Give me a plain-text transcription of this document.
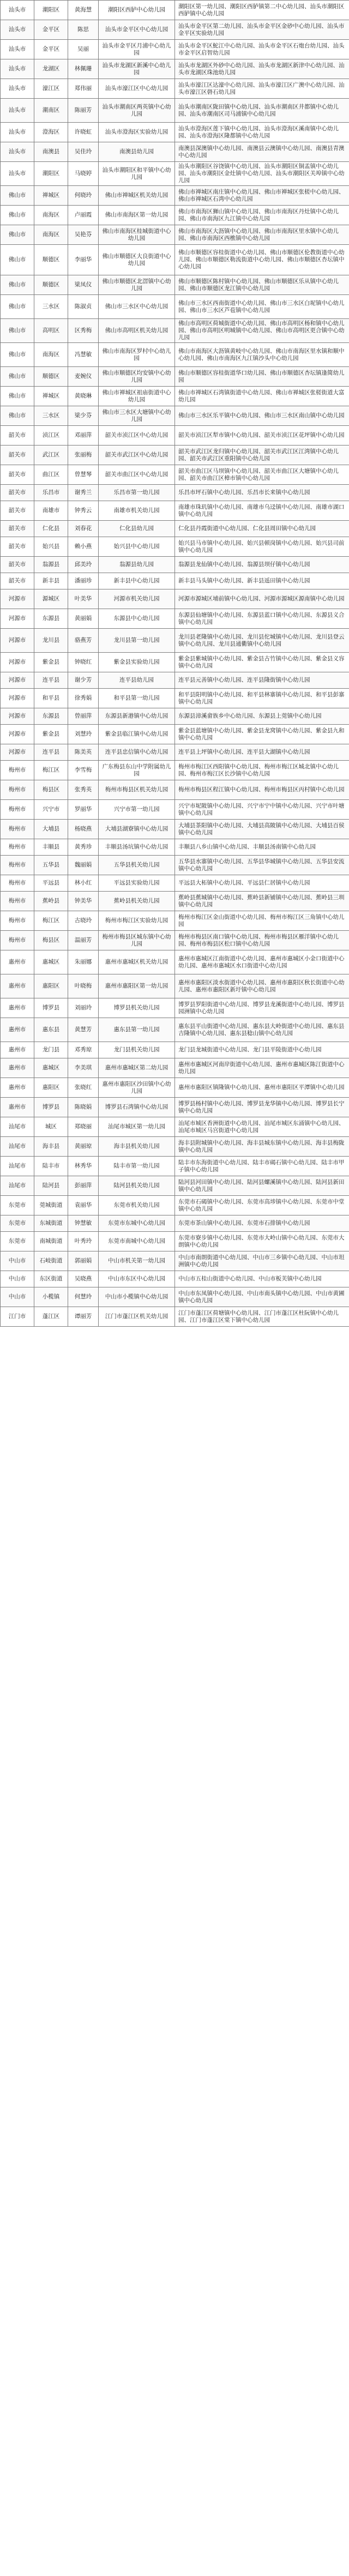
汕头市	潮阳区	黄海慧	潮阳区西胪中心幼儿园	潮阳区第一幼儿园、潮阳区西胪镇第二中心幼儿园、汕头市潮阳区西胪镇中心幼儿园
汕头市	金平区	陈思	汕头市金平区中心幼儿园	汕头市金平区第二幼儿园、汕头市金平区金砂中心幼儿园、汕头市金平区实验幼儿园
汕头市	金平区	吴丽	汕头市金平区月浦中心幼儿园	汕头市金平区鮀江中心幼儿园、汕头市金平区石炮台幼儿园、汕头市金平区启智幼儿园
汕头市	龙湖区	林佩珊	汕头市龙湖区新溪中心幼儿园	汕头市龙湖区外砂中心幼儿园、汕头市龙湖区新津中心幼儿园、汕头市龙湖区珠池幼儿园
汕头市	濠江区	郑伟丽	汕头市濠江区中心幼儿园	汕头市濠江区达濠中心幼儿园、汕头市濠江区广澳中心幼儿园、汕头市濠江区礐石幼儿园
汕头市	潮南区	陈丽芳	汕头市潮南区两英镇中心幼儿园	汕头市潮南区陇田镇中心幼儿园、汕头市潮南区井都镇中心幼儿园、汕头市潮南区司马浦镇中心幼儿园
汕头市	澄海区	许晓虹	汕头市澄海区实验幼儿园	汕头市澄海区莲下镇中心幼儿园、汕头市澄海区溪南镇中心幼儿园、汕头市澄海区隆都镇中心幼儿园
汕头市	南澳县	吴佳玲	南澳县幼儿园	南澳县深澳镇中心幼儿园、南澳县云澳镇中心幼儿园、南澳县青澳中心幼儿园
汕头市	潮阳区	马晓婷	汕头市潮阳区和平镇中心幼儿园	汕头市潮阳区谷饶镇中心幼儿园、汕头市潮阳区铜盂镇中心幼儿园、汕头市潮阳区金灶镇中心幼儿园、汕头市潮阳区关埠镇中心幼儿园
佛山市	禅城区	何晓玲	佛山市禅城区机关幼儿园	佛山市禅城区南庄镇中心幼儿园、佛山市禅城区张槎中心幼儿园、佛山市禅城区石湾中心幼儿园
佛山市	南海区	卢丽霞	佛山市南海区第一幼儿园	佛山市南海区狮山镇中心幼儿园、佛山市南海区丹灶镇中心幼儿园、佛山市南海区九江镇中心幼儿园
佛山市	南海区	吴艳芬	佛山市南海区桂城街道中心幼儿园	佛山市南海区大沥镇中心幼儿园、佛山市南海区里水镇中心幼儿园、佛山市南海区西樵镇中心幼儿园
佛山市	顺德区	李丽华	佛山市顺德区大良街道中心幼儿园	佛山市顺德区容桂街道中心幼儿园、佛山市顺德区伦教街道中心幼儿园、佛山市顺德区勒流街道中心幼儿园、佛山市顺德区杏坛镇中心幼儿园
佛山市	顺德区	梁凤仪	佛山市顺德区北滘镇中心幼儿园	佛山市顺德区陈村镇中心幼儿园、佛山市顺德区乐从镇中心幼儿园、佛山市顺德区龙江镇中心幼儿园
佛山市	三水区	陈淑贞	佛山市三水区中心幼儿园	佛山市三水区西南街道中心幼儿园、佛山市三水区白坭镇中心幼儿园、佛山市三水区芦苞镇中心幼儿园
佛山市	高明区	区秀梅	佛山市高明区机关幼儿园	佛山市高明区荷城街道中心幼儿园、佛山市高明区杨和镇中心幼儿园、佛山市高明区明城镇中心幼儿园、佛山市高明区更合镇中心幼儿园
佛山市	南海区	冯慧敏	佛山市南海区罗村中心幼儿园	佛山市南海区大沥镇黄岐中心幼儿园、佛山市南海区里水镇和顺中心幼儿园、佛山市南海区九江镇沙头中心幼儿园
佛山市	顺德区	麦婉仪	佛山市顺德区均安镇中心幼儿园	佛山市顺德区容桂街道华口幼儿园、佛山市顺德区杏坛镇逢简幼儿园
佛山市	禅城区	黄晓琳	佛山市禅城区祖庙街道中心幼儿园	佛山市禅城区石湾镇街道中心幼儿园、佛山市禅城区张槎街道大富幼儿园
佛山市	三水区	梁少芬	佛山市三水区大塘镇中心幼儿园	佛山市三水区乐平镇中心幼儿园、佛山市三水区南山镇中心幼儿园
韶关市	浈江区	邓丽萍	韶关市浈江区中心幼儿园	韶关市浈江区犁市镇中心幼儿园、韶关市浈江区花坪镇中心幼儿园
韶关市	武江区	张丽梅	韶关市武江区中心幼儿园	韶关市武江区龙归镇中心幼儿园、韶关市武江区江湾镇中心幼儿园、韶关市武江区重阳镇中心幼儿园
韶关市	曲江区	曾慧琴	韶关市曲江区中心幼儿园	韶关市曲江区马坝镇中心幼儿园、韶关市曲江区大塘镇中心幼儿园、韶关市曲江区樟市镇中心幼儿园
韶关市	乐昌市	谢秀兰	乐昌市第一幼儿园	乐昌市坪石镇中心幼儿园、乐昌市长来镇中心幼儿园
韶关市	南雄市	钟秀云	南雄市机关幼儿园	南雄市珠玑镇中心幼儿园、南雄市乌迳镇中心幼儿园、南雄市湖口镇中心幼儿园
韶关市	仁化县	刘春花	仁化县幼儿园	仁化县丹霞街道中心幼儿园、仁化县周田镇中心幼儿园
韶关市	始兴县	赖小燕	始兴县中心幼儿园	始兴县马市镇中心幼儿园、始兴县顿岗镇中心幼儿园、始兴县司前镇中心幼儿园
韶关市	翁源县	邱美玲	翁源县幼儿园	翁源县龙仙镇中心幼儿园、翁源县坝仔镇中心幼儿园
韶关市	新丰县	潘丽珍	新丰县中心幼儿园	新丰县马头镇中心幼儿园、新丰县遥田镇中心幼儿园
河源市	源城区	叶美华	河源市机关幼儿园	河源市源城区埔前镇中心幼儿园、河源市源城区源南镇中心幼儿园
河源市	东源县	黄丽娟	东源县中心幼儿园	东源县仙塘镇中心幼儿园、东源县蓝口镇中心幼儿园、东源县义合镇中心幼儿园
河源市	龙川县	骆燕芳	龙川县第一幼儿园	龙川县老隆镇中心幼儿园、龙川县佗城镇中心幼儿园、龙川县登云镇中心幼儿园、龙川县通衢镇中心幼儿园
河源市	紫金县	钟晓红	紫金县实验幼儿园	紫金县紫城镇中心幼儿园、紫金县古竹镇中心幼儿园、紫金县义容镇中心幼儿园
河源市	连平县	谢少芳	连平县幼儿园	连平县元善镇中心幼儿园、连平县隆街镇中心幼儿园
河源市	和平县	徐秀娟	和平县第一幼儿园	和平县阳明镇中心幼儿园、和平县林寨镇中心幼儿园、和平县彭寨镇中心幼儿园
河源市	东源县	曾丽萍	东源县新港镇中心幼儿园	东源县漳溪畲族乡中心幼儿园、东源县上莞镇中心幼儿园
河源市	紫金县	刘慧玲	紫金县临江镇中心幼儿园	紫金县蓝塘镇中心幼儿园、紫金县龙窝镇中心幼儿园、紫金县九和镇中心幼儿园
河源市	连平县	陈美英	连平县忠信镇中心幼儿园	连平县上坪镇中心幼儿园、连平县大湖镇中心幼儿园
梅州市	梅江区	李雪梅	广东梅县东山中学附属幼儿园	梅州市梅江区西阳镇中心幼儿园、梅州市梅江区城北镇中心幼儿园、梅州市梅江区长沙镇中心幼儿园
梅州市	梅县区	张秀英	梅州市梅县区机关幼儿园	梅州市梅县区程江镇中心幼儿园、梅州市梅县区丙村镇中心幼儿园
梅州市	兴宁市	罗丽华	兴宁市第一幼儿园	兴宁市坭陂镇中心幼儿园、兴宁市宁中镇中心幼儿园、兴宁市叶塘镇中心幼儿园
梅州市	大埔县	杨晓燕	大埔县湖寮镇中心幼儿园	大埔县茶阳镇中心幼儿园、大埔县高陂镇中心幼儿园、大埔县百侯镇中心幼儿园
梅州市	丰顺县	黄秀珍	丰顺县汤坑镇中心幼儿园	丰顺县八乡山镇中心幼儿园、丰顺县汤南镇中心幼儿园
梅州市	五华县	魏丽娟	五华县机关幼儿园	五华县水寨镇中心幼儿园、五华县华城镇中心幼儿园、五华县安流镇中心幼儿园
梅州市	平远县	林小红	平远县实验幼儿园	平远县大柘镇中心幼儿园、平远县仁居镇中心幼儿园
梅州市	蕉岭县	钟美华	蕉岭县机关幼儿园	蕉岭县蕉城镇中心幼儿园、蕉岭县新铺镇中心幼儿园、蕉岭县三圳镇中心幼儿园
梅州市	梅江区	古晓玲	梅州市梅江区实验幼儿园	梅州市梅江区金山街道中心幼儿园、梅州市梅江区三角镇中心幼儿园
梅州市	梅县区	温丽芳	梅州市梅县区城东镇中心幼儿园	梅州市梅县区南口镇中心幼儿园、梅州市梅县区雁洋镇中心幼儿园、梅州市梅县区松口镇中心幼儿园
惠州市	惠城区	朱丽娜	惠州市惠城区机关幼儿园	惠州市惠城区江南街道中心幼儿园、惠州市惠城区小金口街道中心幼儿园、惠州市惠城区水口街道中心幼儿园
惠州市	惠阳区	叶晓梅	惠州市惠阳区第一幼儿园	惠州市惠阳区淡水街道中心幼儿园、惠州市惠阳区秋长街道中心幼儿园、惠州市惠阳区新圩镇中心幼儿园
惠州市	博罗县	刘丽玲	博罗县机关幼儿园	博罗县罗阳街道中心幼儿园、博罗县龙溪街道中心幼儿园、博罗县园洲镇中心幼儿园
惠州市	惠东县	黄慧芳	惠东县第一幼儿园	惠东县平山街道中心幼儿园、惠东县大岭街道中心幼儿园、惠东县吉隆镇中心幼儿园、惠东县稔山镇中心幼儿园
惠州市	龙门县	邓秀琼	龙门县机关幼儿园	龙门县龙城街道中心幼儿园、龙门县平陵街道中心幼儿园
惠州市	惠城区	李美琪	惠州市惠城区第二幼儿园	惠州市惠城区河南岸街道中心幼儿园、惠州市惠城区陈江街道中心幼儿园
惠州市	惠阳区	张晓红	惠州市惠阳区沙田镇中心幼儿园	惠州市惠阳区镇隆镇中心幼儿园、惠州市惠阳区平潭镇中心幼儿园
惠州市	博罗县	陈晓娟	博罗县石湾镇中心幼儿园	博罗县杨村镇中心幼儿园、博罗县龙华镇中心幼儿园、博罗县长宁镇中心幼儿园
汕尾市	城区	郑晓丽	汕尾市城区第一幼儿园	汕尾市城区香洲街道中心幼儿园、汕尾市城区东涌镇中心幼儿园、汕尾市城区马宫街道中心幼儿园
汕尾市	海丰县	黄丽琼	海丰县机关幼儿园	海丰县附城镇中心幼儿园、海丰县城东镇中心幼儿园、海丰县梅陇镇中心幼儿园
汕尾市	陆丰市	林秀华	陆丰市第一幼儿园	陆丰市东海街道中心幼儿园、陆丰市碣石镇中心幼儿园、陆丰市甲子镇中心幼儿园
汕尾市	陆河县	彭丽萍	陆河县机关幼儿园	陆河县河田镇中心幼儿园、陆河县螺溪镇中心幼儿园、陆河县新田镇中心幼儿园
东莞市	莞城街道	袁丽华	东莞市机关幼儿园	东莞市石碣镇中心幼儿园、东莞市高埗镇中心幼儿园、东莞市中堂镇中心幼儿园
东莞市	东城街道	钟慧敏	东莞市东城中心幼儿园	东莞市茶山镇中心幼儿园、东莞市石排镇中心幼儿园
东莞市	南城街道	叶秀玲	东莞市南城中心幼儿园	东莞市寮步镇中心幼儿园、东莞市大岭山镇中心幼儿园、东莞市大朗镇中心幼儿园
中山市	石岐街道	郭丽娟	中山市机关第一幼儿园	中山市南朗街道中心幼儿园、中山市三乡镇中心幼儿园、中山市坦洲镇中心幼儿园
中山市	东区街道	吴晓燕	中山市东区中心幼儿园	中山市五桂山街道中心幼儿园、中山市板芙镇中心幼儿园
中山市	小榄镇	何慧玲	中山市小榄镇中心幼儿园	中山市东凤镇中心幼儿园、中山市南头镇中心幼儿园、中山市黄圃镇中心幼儿园
江门市	蓬江区	谭丽芳	江门市蓬江区机关幼儿园	江门市蓬江区荷塘镇中心幼儿园、江门市蓬江区杜阮镇中心幼儿园、江门市蓬江区棠下镇中心幼儿园
